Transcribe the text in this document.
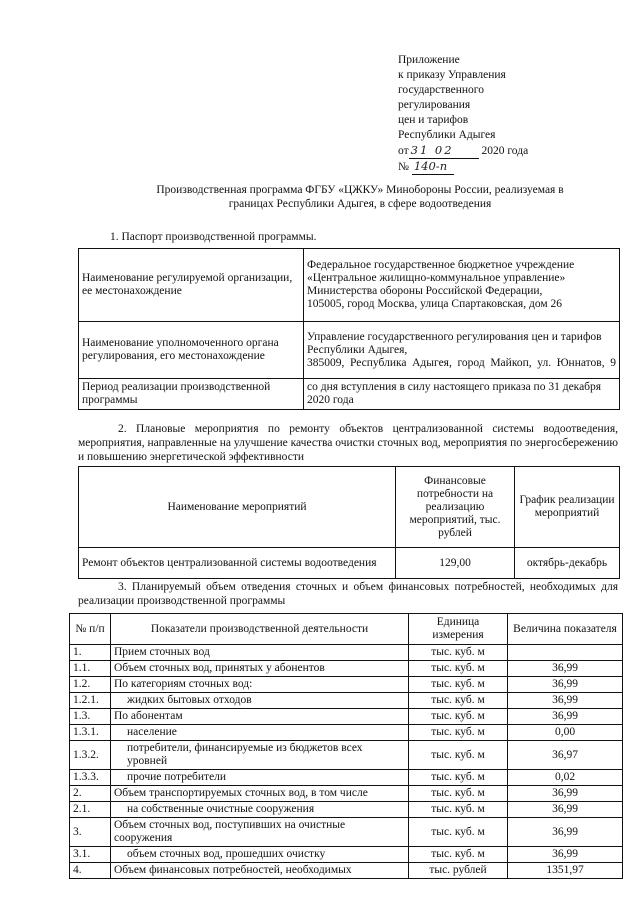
Приложение
к приказу Управления
государственного
регулирования
цен и тарифов
Республики Адыгея
от 31 02 2020 года
№ 140-п
Производственная программа ФГБУ «ЦЖКУ» Минобороны России, реализуемая в границах Республики Адыгея, в сфере водоотведения
1. Паспорт производственной программы.
Наименование регулируемой организации, ее местонахождение	Федеральное государственное бюджетное учреждение «Центральное жилищно-коммунальное управление» Министерства обороны Российской Федерации,
105005, город Москва, улица Спартаковская, дом 26

Наименование уполномоченного органа регулирования, его местонахождение	Управление государственного регулирования цен и тарифов Республики Адыгея,
385009, Республика Адыгея, город Майкоп, ул. Юннатов, 9

Период реализации производственной программы	со дня вступления в силу настоящего приказа по 31 декабря 2020 года
2. Плановые мероприятия по ремонту объектов централизованной системы водоотведения, мероприятия, направленные на улучшение качества очистки сточных вод, мероприятия по энергосбережению и повышению энергетической эффективности
Наименование мероприятий	Финансовые потребности на реализацию мероприятий, тыс. рублей	График реализации мероприятий
Ремонт объектов централизованной системы водоотведения	129,00	октябрь-декабрь
3. Планируемый объем отведения сточных и объем финансовых потребностей, необходимых для реализации производственной программы
№ п/п	Показатели производственной деятельности	Единица измерения	Величина показателя
1.	Прием сточных вод	тыс. куб. м	
1.1.	Объем сточных вод, принятых у абонентов	тыс. куб. м	36,99
1.2.	По категориям сточных вод:	тыс. куб. м	36,99
1.2.1.	жидких бытовых отходов	тыс. куб. м	36,99
1.3.	По абонентам	тыс. куб. м	36,99
1.3.1.	население	тыс. куб. м	0,00
1.3.2.	потребители, финансируемые из бюджетов всех уровней	тыс. куб. м	36,97
1.3.3.	прочие потребители	тыс. куб. м	0,02
2.	Объем транспортируемых сточных вод, в том числе	тыс. куб. м	36,99
2.1.	на собственные очистные сооружения	тыс. куб. м	36,99
3.	Объем сточных вод, поступивших на очистные сооружения	тыс. куб. м	36,99
3.1.	объем сточных вод, прошедших очистку	тыс. куб. м	36,99
4.	Объем финансовых потребностей, необходимых	тыс. рублей	1351,97
